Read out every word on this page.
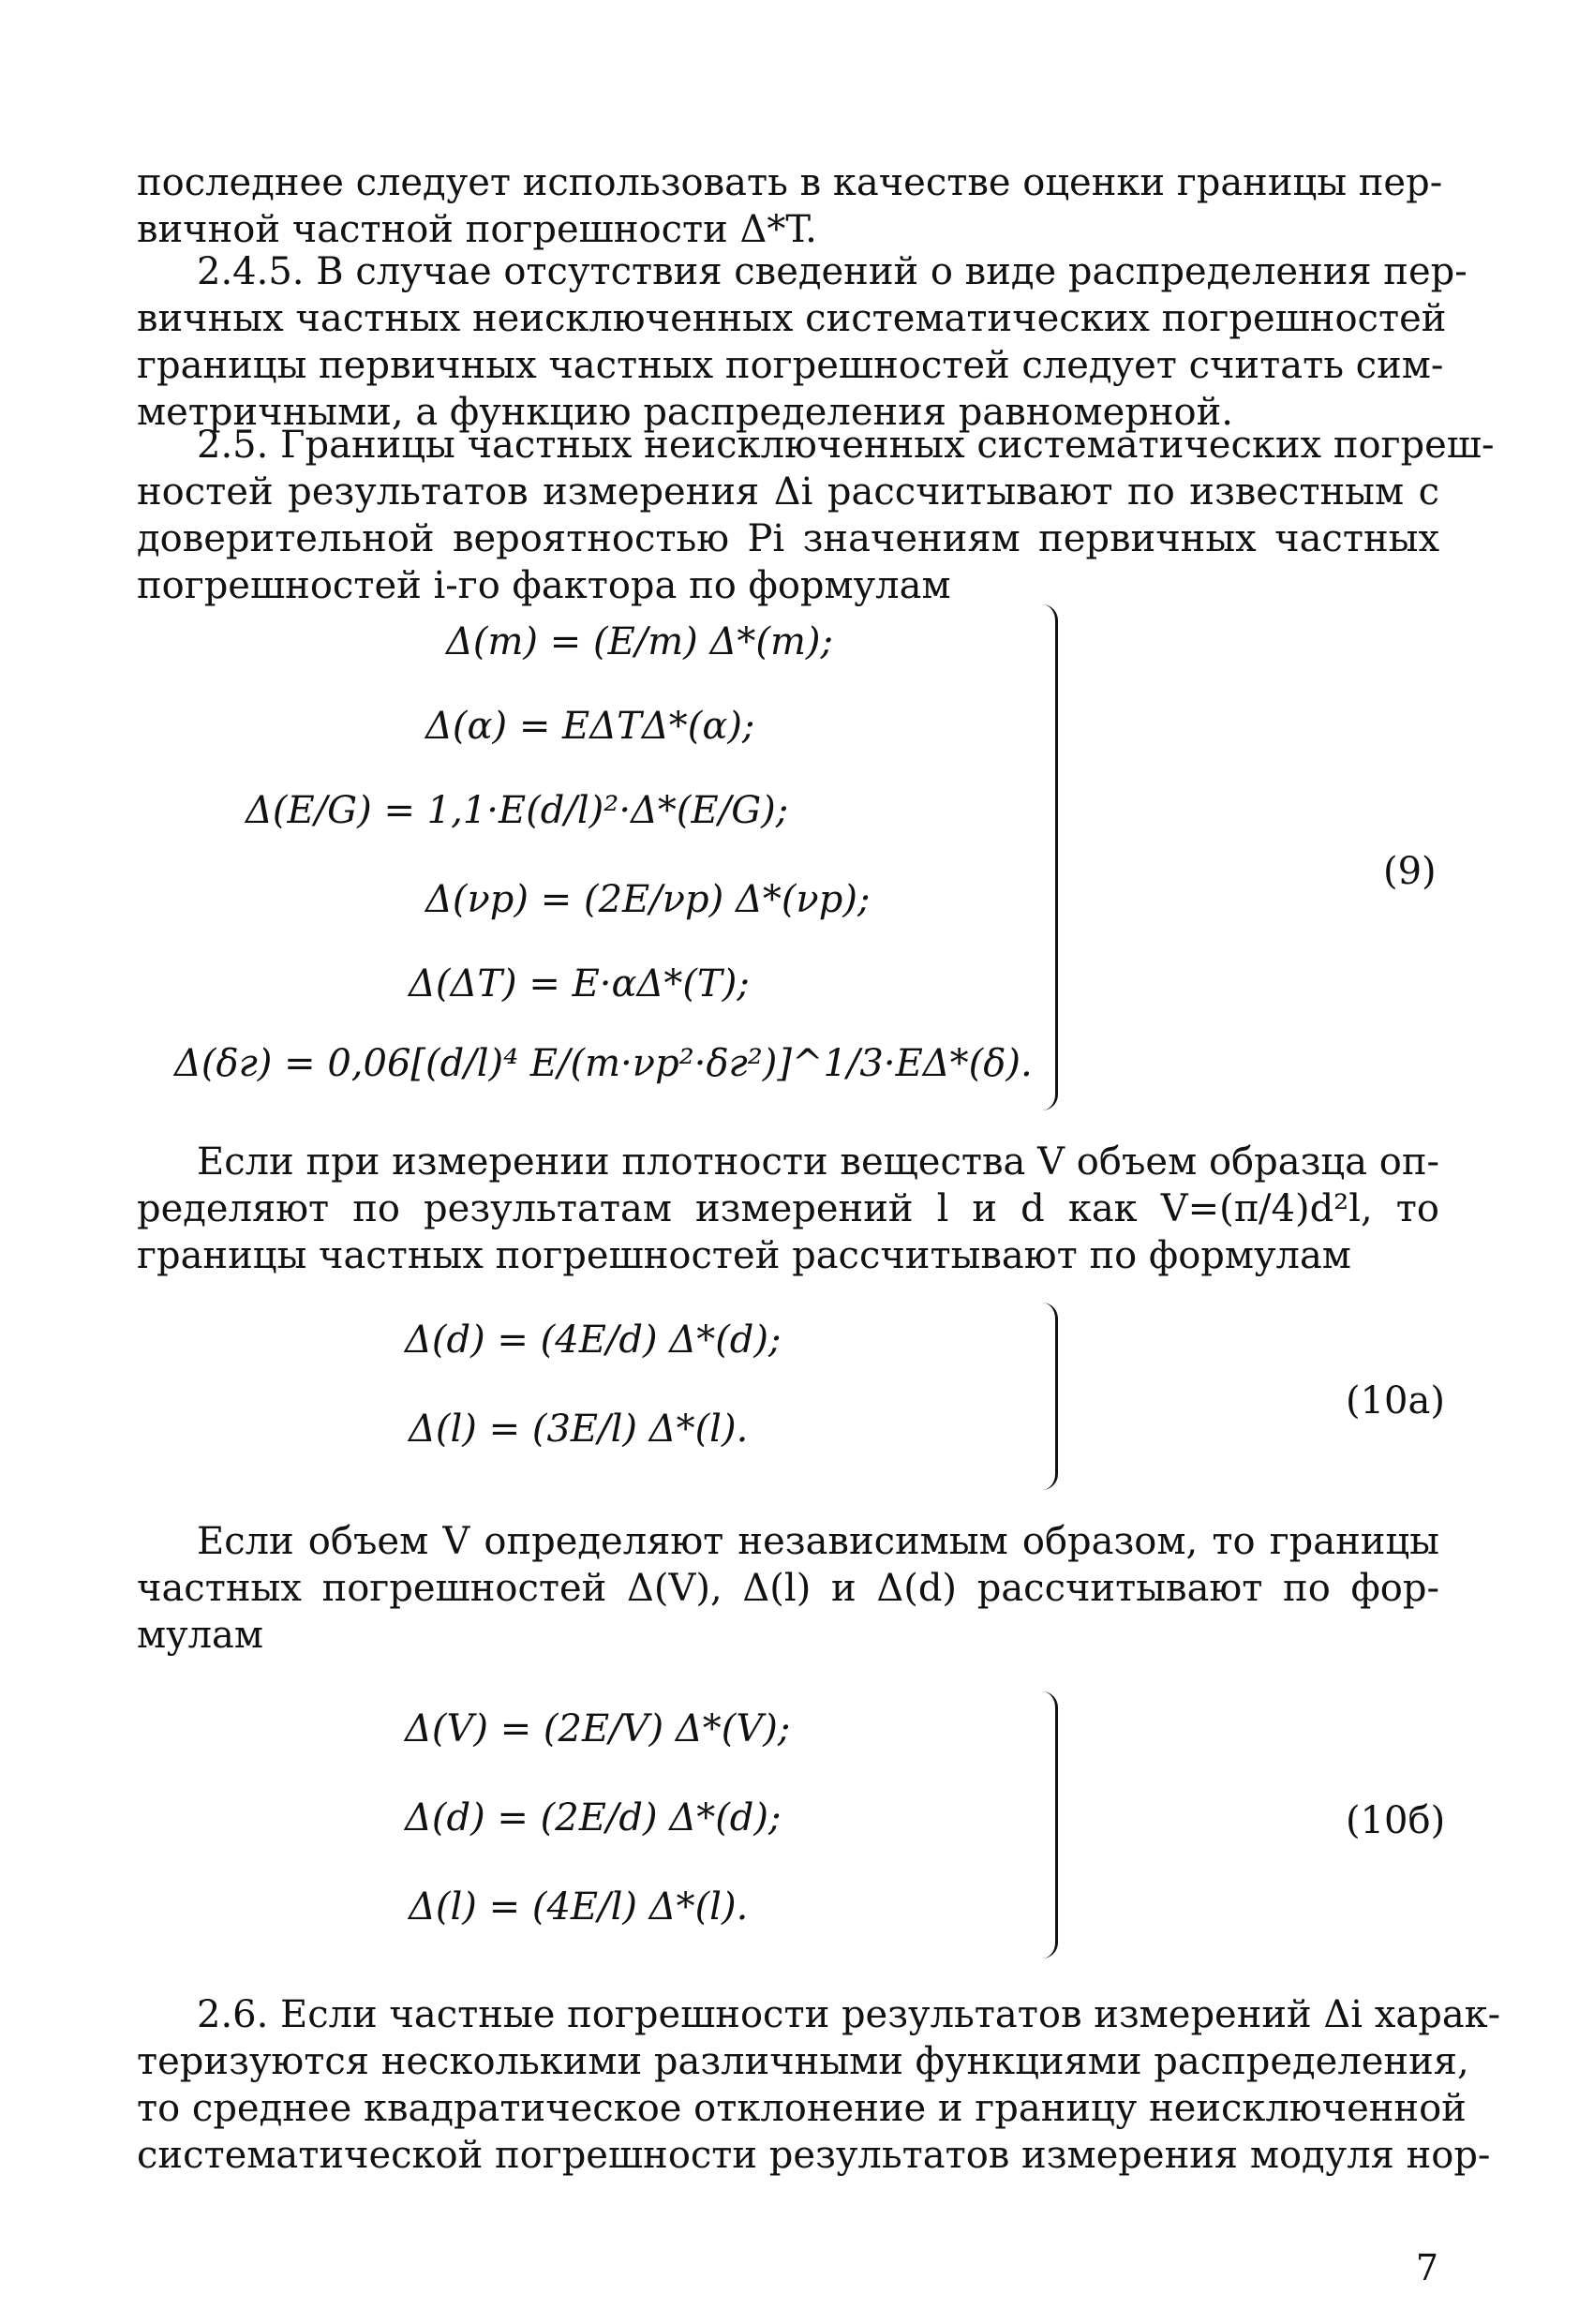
последнее следует использовать в качестве оценки границы пер-
вичной частной погрешности Δ*T.
2.4.5. В случае отсутствия сведений о виде распределения пер-
вичных частных неисключенных систематических погрешностей
границы первичных частных погрешностей следует считать сим-
метричными, а функцию распределения равномерной.
2.5. Границы частных неисключенных систематических погреш-
ностей результатов измерения Δi рассчитывают по известным с
доверительной вероятностью Pi значениям первичных частных
погрешностей i-го фактора по формулам
Δ(m) = (E/m) Δ*(m);
Δ(α) = EΔTΔ*(α);
Δ(E/G) = 1,1·E(d/l)²·Δ*(E/G);
Δ(νp) = (2E/νp) Δ*(νp);
Δ(ΔT) = E·αΔ*(T);
Δ(δг) = 0,06[(d/l)⁴ E/(m·νp²·δг²)]^1/3·EΔ*(δ).
(9)
Если при измерении плотности вещества V объем образца оп-
ределяют по результатам измерений l и d как V=(π/4)d²l, то
границы частных погрешностей рассчитывают по формулам
Δ(d) = (4E/d) Δ*(d);
Δ(l) = (3E/l) Δ*(l).
(10а)
Если объем V определяют независимым образом, то границы
частных погрешностей Δ(V), Δ(l) и Δ(d) рассчитывают по фор-
мулам
Δ(V) = (2E/V) Δ*(V);
Δ(d) = (2E/d) Δ*(d);
Δ(l) = (4E/l) Δ*(l).
(10б)
2.6. Если частные погрешности результатов измерений Δi харак-
теризуются несколькими различными функциями распределения,
то среднее квадратическое отклонение и границу неисключенной
систематической погрешности результатов измерения модуля нор-
7
